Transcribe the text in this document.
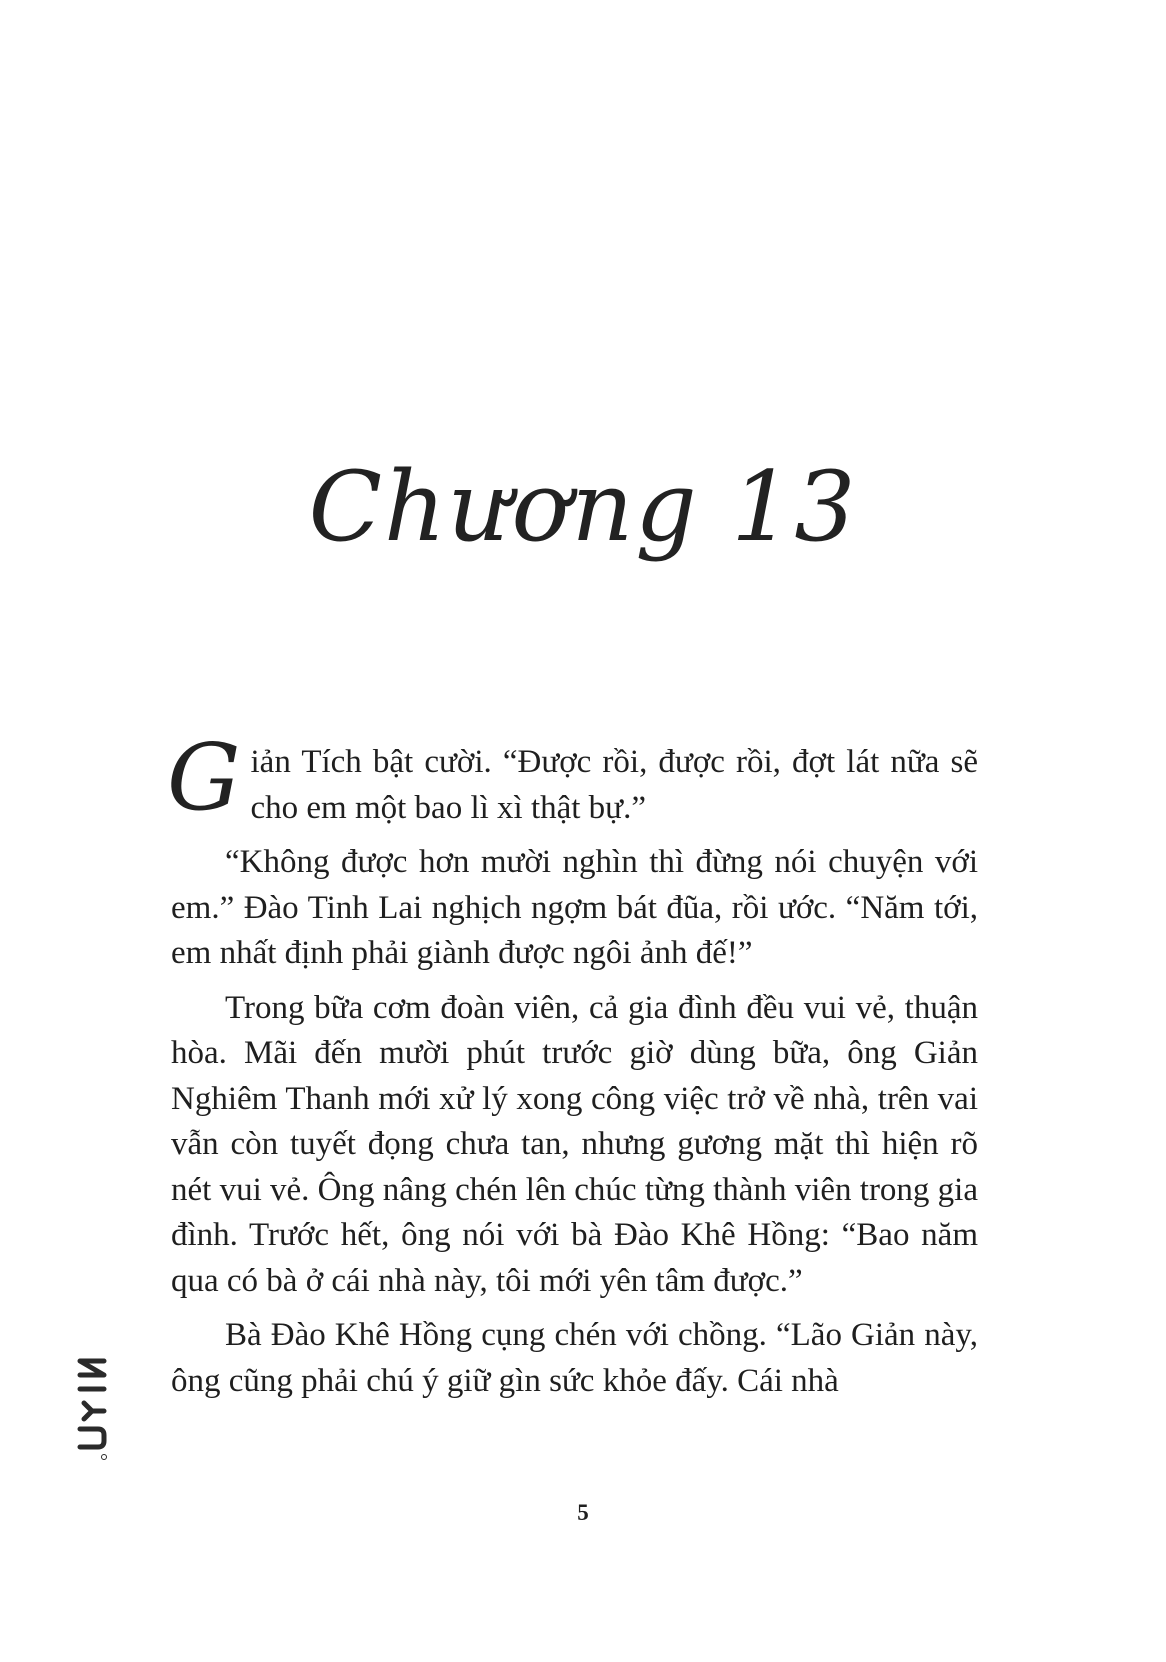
Chương 13

Giản Tích bật cười. “Được rồi, được rồi, đợt lát nữa sẽ cho em một bao lì xì thật bự.”

“Không được hơn mười nghìn thì đừng nói chuyện với em.” Đào Tinh Lai nghịch ngợm bát đũa, rồi ước. “Năm tới, em nhất định phải giành được ngôi ảnh đế!”

Trong bữa cơm đoàn viên, cả gia đình đều vui vẻ, thuận hòa. Mãi đến mười phút trước giờ dùng bữa, ông Giản Nghiêm Thanh mới xử lý xong công việc trở về nhà, trên vai vẫn còn tuyết đọng chưa tan, nhưng gương mặt thì hiện rõ nét vui vẻ. Ông nâng chén lên chúc từng thành viên trong gia đình. Trước hết, ông nói với bà Đào Khê Hồng: “Bao năm qua có bà ở cái nhà này, tôi mới yên tâm được.”

Bà Đào Khê Hồng cụng chén với chồng. “Lão Giản này, ông cũng phải chú ý giữ gìn sức khỏe đấy. Cái nhà

5
